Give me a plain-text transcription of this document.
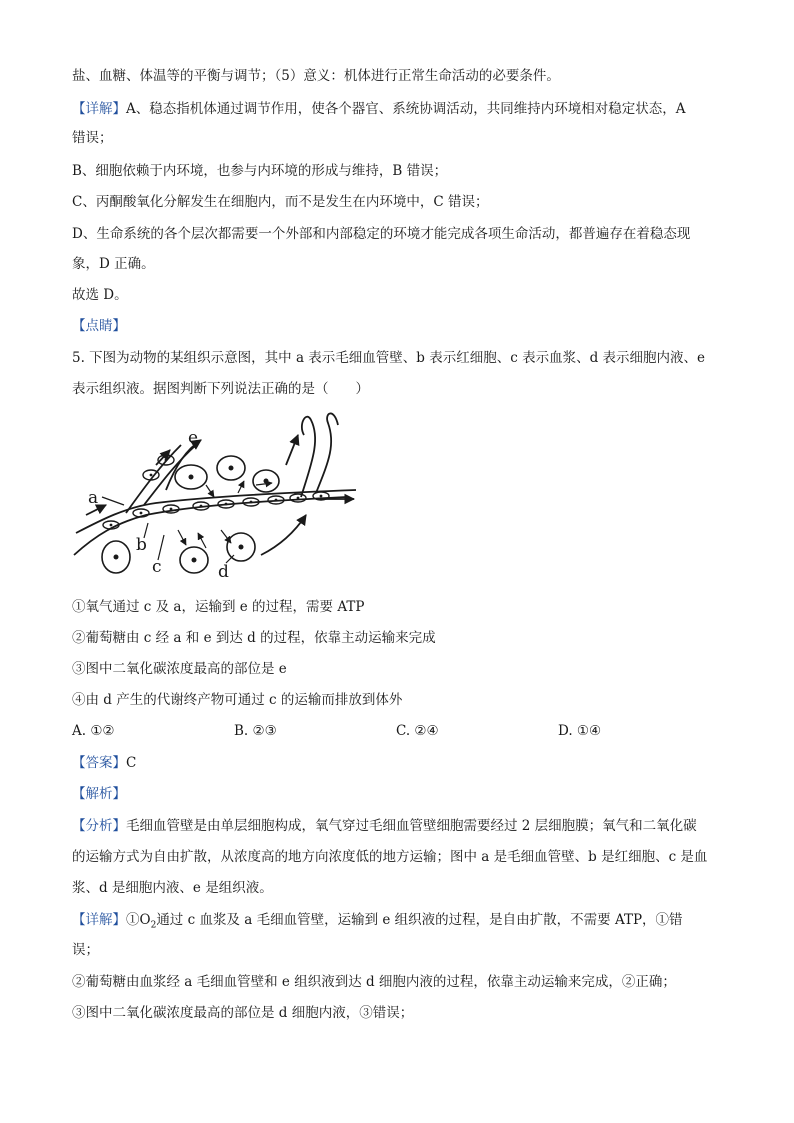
盐、血糖、体温等的平衡与调节；（5）意义：机体进行正常生命活动的必要条件。
【详解】A、稳态指机体通过调节作用，使各个器官、系统协调活动，共同维持内环境相对稳定状态，A
错误；
B、细胞依赖于内环境，也参与内环境的形成与维持，B 错误；
C、丙酮酸氧化分解发生在细胞内，而不是发生在内环境中，C 错误；
D、生命系统的各个层次都需要一个外部和内部稳定的环境才能完成各项生命活动，都普遍存在着稳态现
象，D 正确。
故选 D。
【点睛】
5. 下图为动物的某组织示意图，其中 a 表示毛细血管壁、b 表示红细胞、c 表示血浆、d 表示细胞内液、e
表示组织液。据图判断下列说法正确的是（　　）
a
b
c	d
e
①氧气通过 c 及 a，运输到 e 的过程，需要 ATP
②葡萄糖由 c 经 a 和 e 到达 d 的过程，依靠主动运输来完成
③图中二氧化碳浓度最高的部位是 e
④由 d 产生的代谢终产物可通过 c 的运输而排放到体外
A. ①②	B. ②③	C. ②④	D. ①④
【答案】C
【解析】
【分析】毛细血管壁是由单层细胞构成，氧气穿过毛细血管壁细胞需要经过 2 层细胞膜；氧气和二氧化碳
的运输方式为自由扩散，从浓度高的地方向浓度低的地方运输；图中 a 是毛细血管壁、b 是红细胞、c 是血
浆、d 是细胞内液、e 是组织液。
【详解】$①O_2$通过 c 血浆及 a 毛细血管壁，运输到 e 组织液的过程，是自由扩散，不需要 ATP，①错
误；
②葡萄糖由血浆经 a 毛细血管壁和 e 组织液到达 d 细胞内液的过程，依靠主动运输来完成，②正确；
③图中二氧化碳浓度最高的部位是 d 细胞内液，③错误；
